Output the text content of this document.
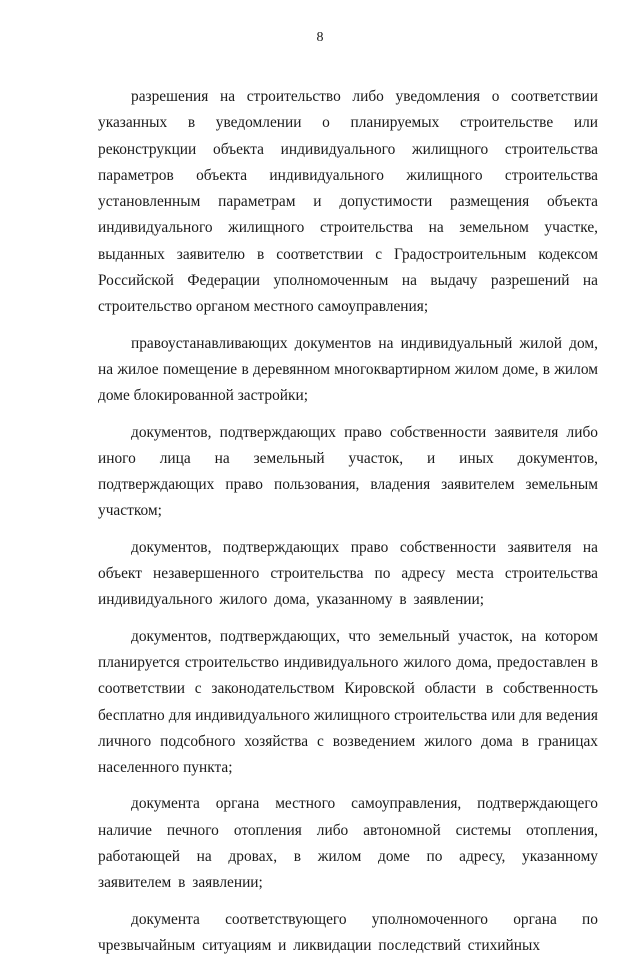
8

разрешения на строительство либо уведомления о соответствии указанных в уведомлении о планируемых строительстве или реконструкции объекта индивидуального жилищного строительства параметров объекта индивидуального жилищного строительства установленным параметрам и допустимости размещения объекта индивидуального жилищного строительства на земельном участке, выданных заявителю в соответствии с Градостроительным кодексом Российской Федерации уполномоченным на выдачу разрешений на строительство органом местного самоуправления;

правоустанавливающих документов на индивидуальный жилой дом, на жилое помещение в деревянном многоквартирном жилом доме, в жилом доме блокированной застройки;

документов, подтверждающих право собственности заявителя либо иного лица на земельный участок, и иных документов, подтверждающих право пользования, владения заявителем земельным участком;

документов, подтверждающих право собственности заявителя на объект незавершенного строительства по адресу места строительства индивидуального жилого дома, указанному в заявлении;

документов, подтверждающих, что земельный участок, на котором планируется строительство индивидуального жилого дома, предоставлен в соответствии с законодательством Кировской области в собственность бесплатно для индивидуального жилищного строительства или для ведения личного подсобного хозяйства с возведением жилого дома в границах населенного пункта;

документа органа местного самоуправления, подтверждающего наличие печного отопления либо автономной системы отопления, работающей на дровах, в жилом доме по адресу, указанному заявителем в заявлении;

документа соответствующего уполномоченного органа по чрезвычайным ситуациям и ликвидации последствий стихийных
